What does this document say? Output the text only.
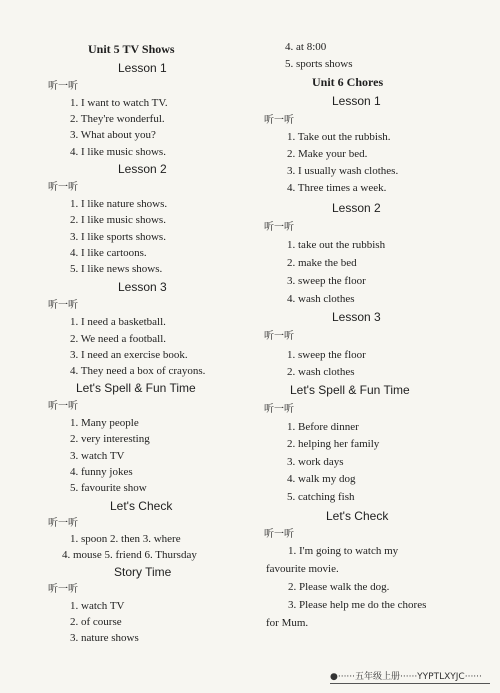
Unit 5 TV Shows
Lesson 1
听一听
1. I want to watch TV.
2. They're wonderful.
3. What about you?
4. I like music shows.
Lesson 2
听一听
1. I like nature shows.
2. I like music shows.
3. I like sports shows.
4. I like cartoons.
5. I like news shows.
Lesson 3
听一听
1. I need a basketball.
2. We need a football.
3. I need an exercise book.
4. They need a box of crayons.
Let's Spell & Fun Time
听一听
1. Many people
2. very interesting
3. watch TV
4. funny jokes
5. favourite show
Let's Check
听一听
1. spoon 2. then 3. where
4. mouse 5. friend 6. Thursday
Story Time
听一听
1. watch TV
2. of course
3. nature shows
4. at 8:00
5. sports shows
Unit 6 Chores
Lesson 1
听一听
1. Take out the rubbish.
2. Make your bed.
3. I usually wash clothes.
4. Three times a week.
Lesson 2
听一听
1. take out the rubbish
2. make the bed
3. sweep the floor
4. wash clothes
Lesson 3
听一听
1. sweep the floor
2. wash clothes
Let's Spell & Fun Time
听一听
1. Before dinner
2. helping her family
3. work days
4. walk my dog
5. catching fish
Let's Check
听一听
1. I'm going to watch my
favourite movie.
2. Please walk the dog.
3. Please help me do the chores
for Mum.
●······五年级上册······YYPTLXYJC······
